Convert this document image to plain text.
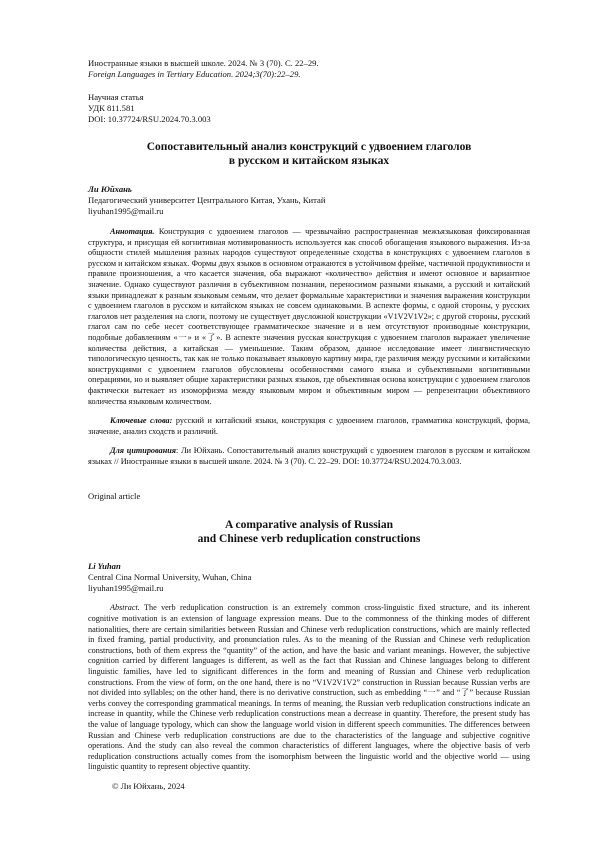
Иностранные языки в высшей школе. 2024. № 3 (70). С. 22–29.
Foreign Languages in Tertiary Education. 2024;3(70):22–29.
Научная статья
УДК 811.581
DOI: 10.37724/RSU.2024.70.3.003
Сопоставительный анализ конструкций с удвоением глаголов
в русском и китайском языках
Ли Юйхань
Педагогический университет Центрального Китая, Ухань, Китай
liyuhan1995@mail.ru

Аннотация. Конструкция с удвоением глаголов — чрезвычайно распространенная межъязыковая фиксированная структура, и присущая ей когнитивная мотивированность используется как способ обогащения языкового выражения. Из-за общности стилей мышления разных народов существуют определенные сходства в конструкциях с удвоением глаголов в русском и китайском языках. Формы двух языков в основном отражаются в устойчивом фрейме, частичной продуктивности и правиле произношения, а что касается значения, оба выражают «количество» действия и имеют основное и вариантное значение. Однако существуют различия в субъективном познании, переносимом разными языками, а русский и китайский языки принадлежат к разным языковым семьям, что делает формальные характеристики и значения выражения конструкции с удвоением глаголов в русском и китайском языках не совсем одинаковыми. В аспекте формы, с одной стороны, у русских глаголов нет разделения на слоги, поэтому не существует двусложной конструкции «V1V2V1V2»; с другой стороны, русский глагол сам по себе несет соответствующее грамматическое значение и в нем отсутствуют производные конструкции, подобные добавлениям «一» и «了». В аспекте значения русская конструкция с удвоением глаголов выражает увеличение количества действия, а китайская — уменьшение. Таким образом, данное исследование имеет лингвистическую типологическую ценность, так как не только показывает языковую картину мира, где различия между русскими и китайскими конструкциями с удвоением глаголов обусловлены особенностями самого языка и субъективными когнитивными операциями, но и выявляет общие характеристики разных языков, где объективная основа конструкции с удвоением глаголов фактически вытекает из изоморфизма между языковым миром и объективным миром — репрезентации объективного количества языковым количеством.

Ключевые слова: русский и китайский языки, конструкция с удвоением глаголов, грамматика конструкций, форма, значение, анализ сходств и различий.

Для цитирования: Ли Юйхань. Сопоставительный анализ конструкций с удвоением глаголов в русском и китайском языках // Иностранные языки в высшей школе. 2024. № 3 (70). С. 22–29. DOI: 10.37724/RSU.2024.70.3.003.

Original article
A comparative analysis of Russian
and Chinese verb reduplication constructions
Li Yuhan
Central Cina Normal University, Wuhan, China
liyuhan1995@mail.ru

Abstract. The verb reduplication construction is an extremely common cross-linguistic fixed structure, and its inherent cognitive motivation is an extension of language expression means. Due to the commonness of the thinking modes of different nationalities, there are certain similarities between Russian and Chinese verb reduplication constructions, which are mainly reflected in fixed framing, partial productivity, and pronunciation rules. As to the meaning of the Russian and Chinese verb reduplication constructions, both of them express the “quantity” of the action, and have the basic and variant meanings. However, the subjective cognition carried by different languages is different, as well as the fact that Russian and Chinese languages belong to different linguistic families, have led to significant differences in the form and meaning of Russian and Chinese verb reduplication constructions. From the view of form, on the one hand, there is no “V1V2V1V2” construction in Russian because Russian verbs are not divided into syllables; on the other hand, there is no derivative construction, such as embedding “一” and “了” because Russian verbs convey the corresponding grammatical meanings. In terms of meaning, the Russian verb reduplication constructions indicate an increase in quantity, while the Chinese verb reduplication constructions mean a decrease in quantity. Therefore, the present study has the value of language typology, which can show the language world vision in different speech communities. The differences between Russian and Chinese verb reduplication constructions are due to the characteristics of the language and subjective cognitive operations. And the study can also reveal the common characteristics of different languages, where the objective basis of verb reduplication constructions actually comes from the isomorphism between the linguistic world and the objective world — using linguistic quantity to represent objective quantity.

© Ли Юйхань, 2024
